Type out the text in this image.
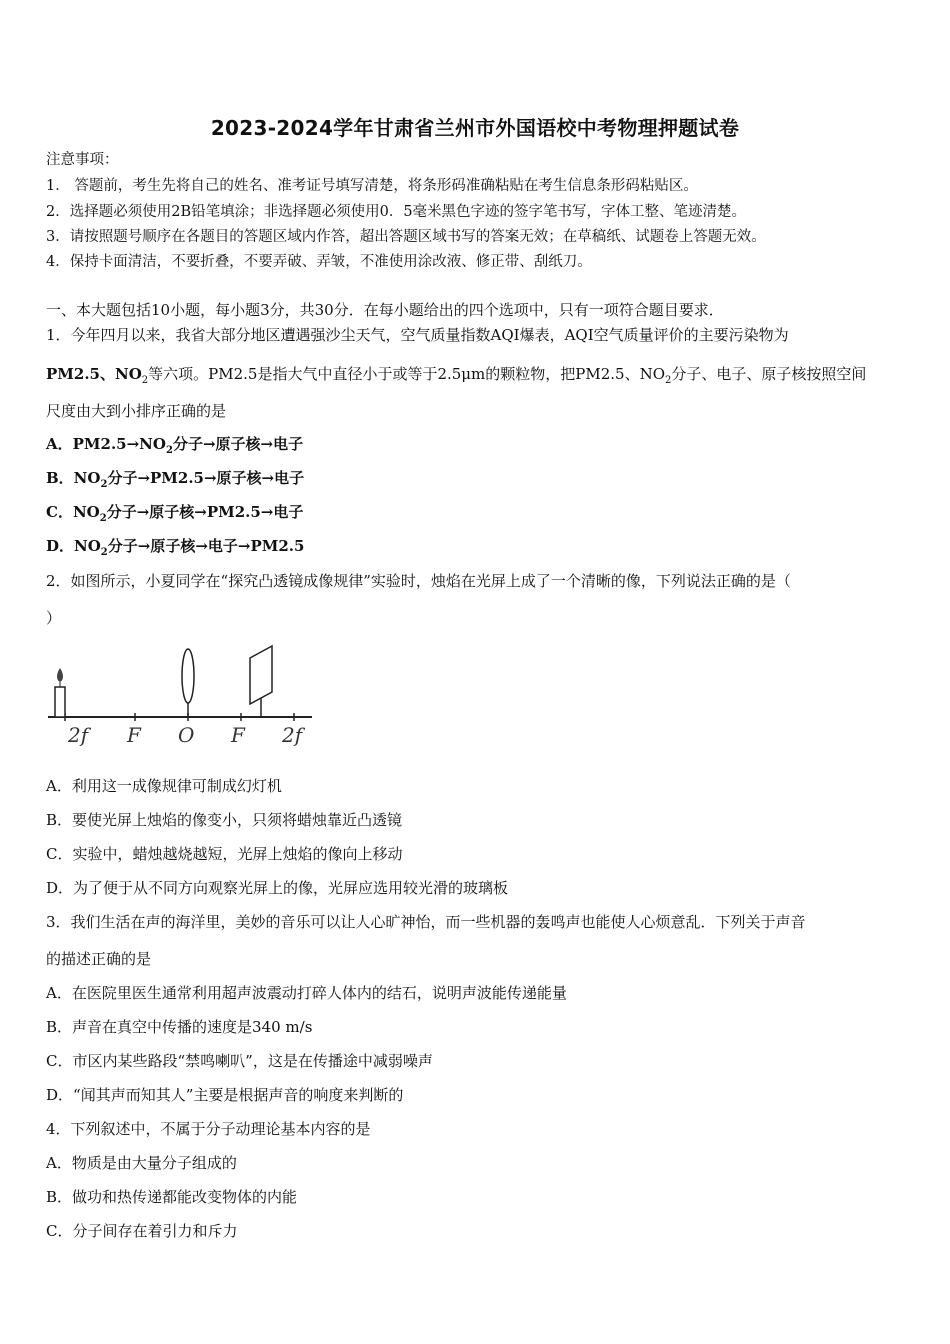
2023-2024学年甘肃省兰州市外国语校中考物理押题试卷
注意事项：
1． 答题前，考生先将自己的姓名、准考证号填写清楚，将条形码准确粘贴在考生信息条形码粘贴区。
2．选择题必须使用2B铅笔填涂；非选择题必须使用0．5毫米黑色字迹的签字笔书写，字体工整、笔迹清楚。
3．请按照题号顺序在各题目的答题区域内作答，超出答题区域书写的答案无效；在草稿纸、试题卷上答题无效。
4．保持卡面清洁，不要折叠，不要弄破、弄皱，不准使用涂改液、修正带、刮纸刀。
一、本大题包括10小题，每小题3分，共30分．在每小题给出的四个选项中，只有一项符合题目要求．
1．今年四月以来，我省大部分地区遭遇强沙尘天气，空气质量指数AQI爆表，AQI空气质量评价的主要污染物为
PM2.5、$NO_2$等六项。PM2.5是指大气中直径小于或等于2.5μm的颗粒物，把PM2.5、$NO_2$分子、电子、原子核按照空间
尺度由大到小排序正确的是
A．$PM2.5\to NO_2$分子→原子核→电子
B．$NO_2$分子→PM2.5→原子核→电子
C．$NO_2$分子→原子核→PM2.5→电子
D．$NO_2$分子→原子核→电子→PM2.5
2．如图所示，小夏同学在“探究凸透镜成像规律”实验时，烛焰在光屏上成了一个清晰的像，下列说法正确的是（
）
2f F O F 2f
A．利用这一成像规律可制成幻灯机
B．要使光屏上烛焰的像变小，只须将蜡烛靠近凸透镜
C．实验中，蜡烛越烧越短，光屏上烛焰的像向上移动
D．为了便于从不同方向观察光屏上的像，光屏应选用较光滑的玻璃板
3．我们生活在声的海洋里，美妙的音乐可以让人心旷神怡，而一些机器的轰鸣声也能使人心烦意乱．下列关于声音
的描述正确的是
A．在医院里医生通常利用超声波震动打碎人体内的结石，说明声波能传递能量
B．声音在真空中传播的速度是340 m/s
C．市区内某些路段“禁鸣喇叭”，这是在传播途中减弱噪声
D．“闻其声而知其人”主要是根据声音的响度来判断的
4．下列叙述中，不属于分子动理论基本内容的是
A．物质是由大量分子组成的
B．做功和热传递都能改变物体的内能
C．分子间存在着引力和斥力
